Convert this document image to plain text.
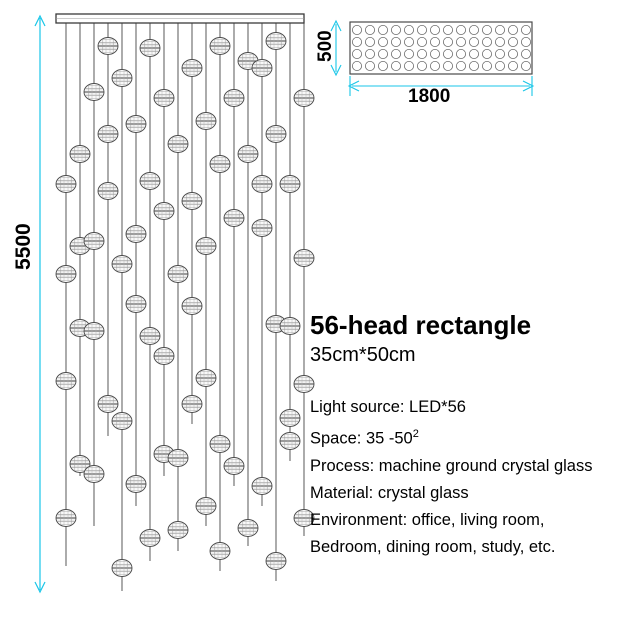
5500
1800
500
56-head rectangle
35cm*50cm
Light source: LED*56
Space: 35 $-50^2$
Process: machine ground crystal glass
Material: crystal glass
Environment: office, living room,
Bedroom, dining room, study, etc.
